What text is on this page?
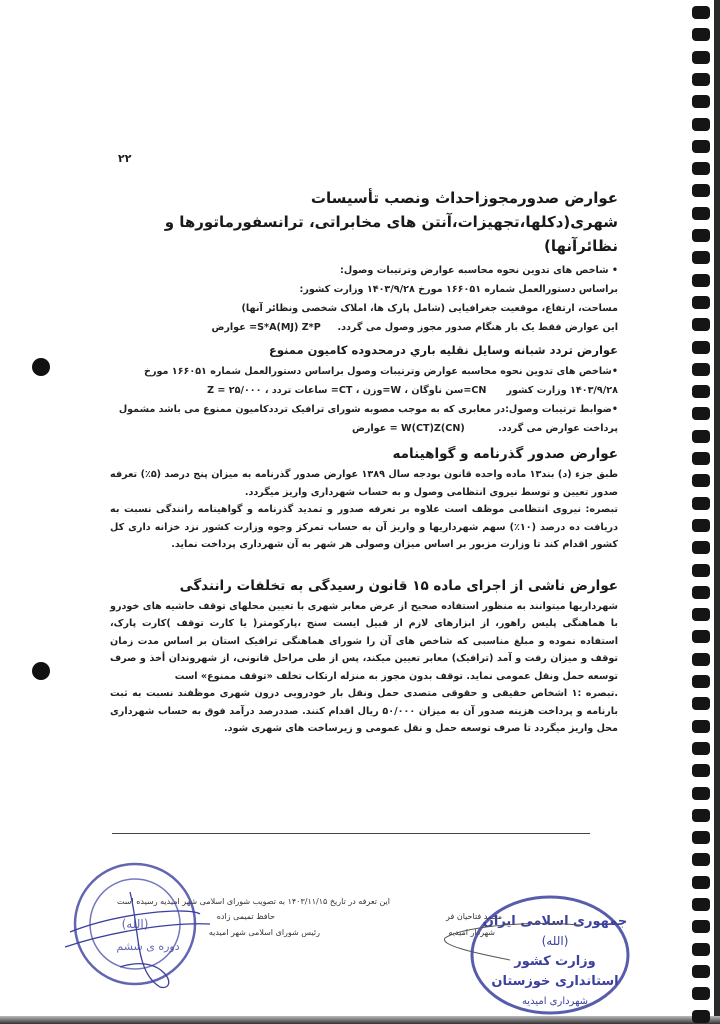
۲۲
عوارض صدورمجوزاحداث ونصب تأسیسات شهری(دکلها،تجهیزات،آنتن های مخابراتی، ترانسفورماتورها و نظائرآنها)

• شاخص های تدوین نحوه محاسبه عوارض وترتیبات وصول:

براساس دستورالعمل شماره ۱۶۶۰۵۱ مورخ ۱۴۰۳/۹/۲۸ وزارت کشور:

مساحت، ارتفاع، موقعیت جغرافیایی (شامل پارک ها، املاک شخصی ونظائر آنها)

این عوارض فقط یک بار هنگام صدور مجوز وصول می گردد.     S*A(MJ) Z*P= عوارض

عوارض تردد شبانه وسایل نقلیه باري درمحدوده کامیون ممنوع

•شاخص های تدوین نحوه محاسبه عوارض وترتیبات وصول براساس دستورالعمل شماره ۱۶۶۰۵۱ مورخ

۱۴۰۳/۹/۲۸ وزارت کشور      CN=سن ناوگان ، W=وزن ، CT= ساعات تردد ، Z = ۲۵/۰۰۰

•ضوابط ترتیبات وصول:در معابری که به موجب مصوبه شورای ترافیک ترددکامیون ممنوع می باشد مشمول

پرداخت عوارض می گردد.          (CN)W(CT)Z = عوارض

عوارض صدور گذرنامه و گواهینامه

طبق جزء (د) بند۱۳ ماده واحده قانون بودجه سال ۱۳۸۹ عوارض صدور گذرنامه به میزان پنج درصد (۵٪) تعرفه صدور تعیین و توسط نیروی انتظامی وصول و به حساب شهرداری واریز میگردد.

تبصره: نیروی انتظامی موظف است علاوه بر تعرفه صدور و تمدید گذرنامه و گواهینامه رانندگی نسبت به دریافت ده درصد (۱۰٪) سهم شهرداریها و واریز آن به حساب تمرکز وجوه وزارت کشور نزد خزانه داری کل کشور اقدام کند تا وزارت مزبور بر اساس میزان وصولی هر شهر به آن شهرداری پرداخت نماید.

عوارض ناشی از اجرای ماده ۱۵ قانون رسیدگی به تخلفات رانندگی

شهرداریها میتوانند به منظور استفاده صحیح از عرض معابر شهری با تعیین محلهای توقف حاشیه های خودرو با هماهنگی پلیس راهور، از ابزارهای لازم از قبیل ایست سنج ،پارکومتر( یا کارت توقف )کارت پارک، استفاده نموده و مبلغ مناسبی که شاخص های آن را شورای هماهنگی ترافیک استان بر اساس مدت زمان توقف و میزان رفت و آمد (ترافیک) معابر تعیین میکند، پس از طی مراحل قانونی، از شهروندان أخذ و صرف توسعه حمل ونقل عمومی نماید. توقف بدون مجوز به منزله ارتکاب تخلف «توقف ممنوع» است

.تبصره :۱ اشخاص حقیقی و حقوقی متصدی حمل ونقل بار خودرویی درون شهری موظفند نسبت به ثبت بارنامه و پرداخت هزینه صدور آن به میزان ۵۰/۰۰۰ ریال اقدام کنند. صددرصد درآمد فوق به حساب شهرداری محل واریز میگردد تا صرف توسعه حمل و نقل عمومی و زیرساخت های شهری شود.

این تعرفه در تاریخ ۱۴۰۳/۱۱/۱۵ به تصویب شورای اسلامی شهر امیدیه رسیده است
حافظ تمیمی زاده
رئیس شورای اسلامی شهر امیدیه
محمد فتاحیان فر
شهردار امیدیه
(الله)
دوره ی ششم
جمهوری اسلامی ایران
(الله)
وزارت کشور
استانداری خوزستان
شهرداری امیدیه
